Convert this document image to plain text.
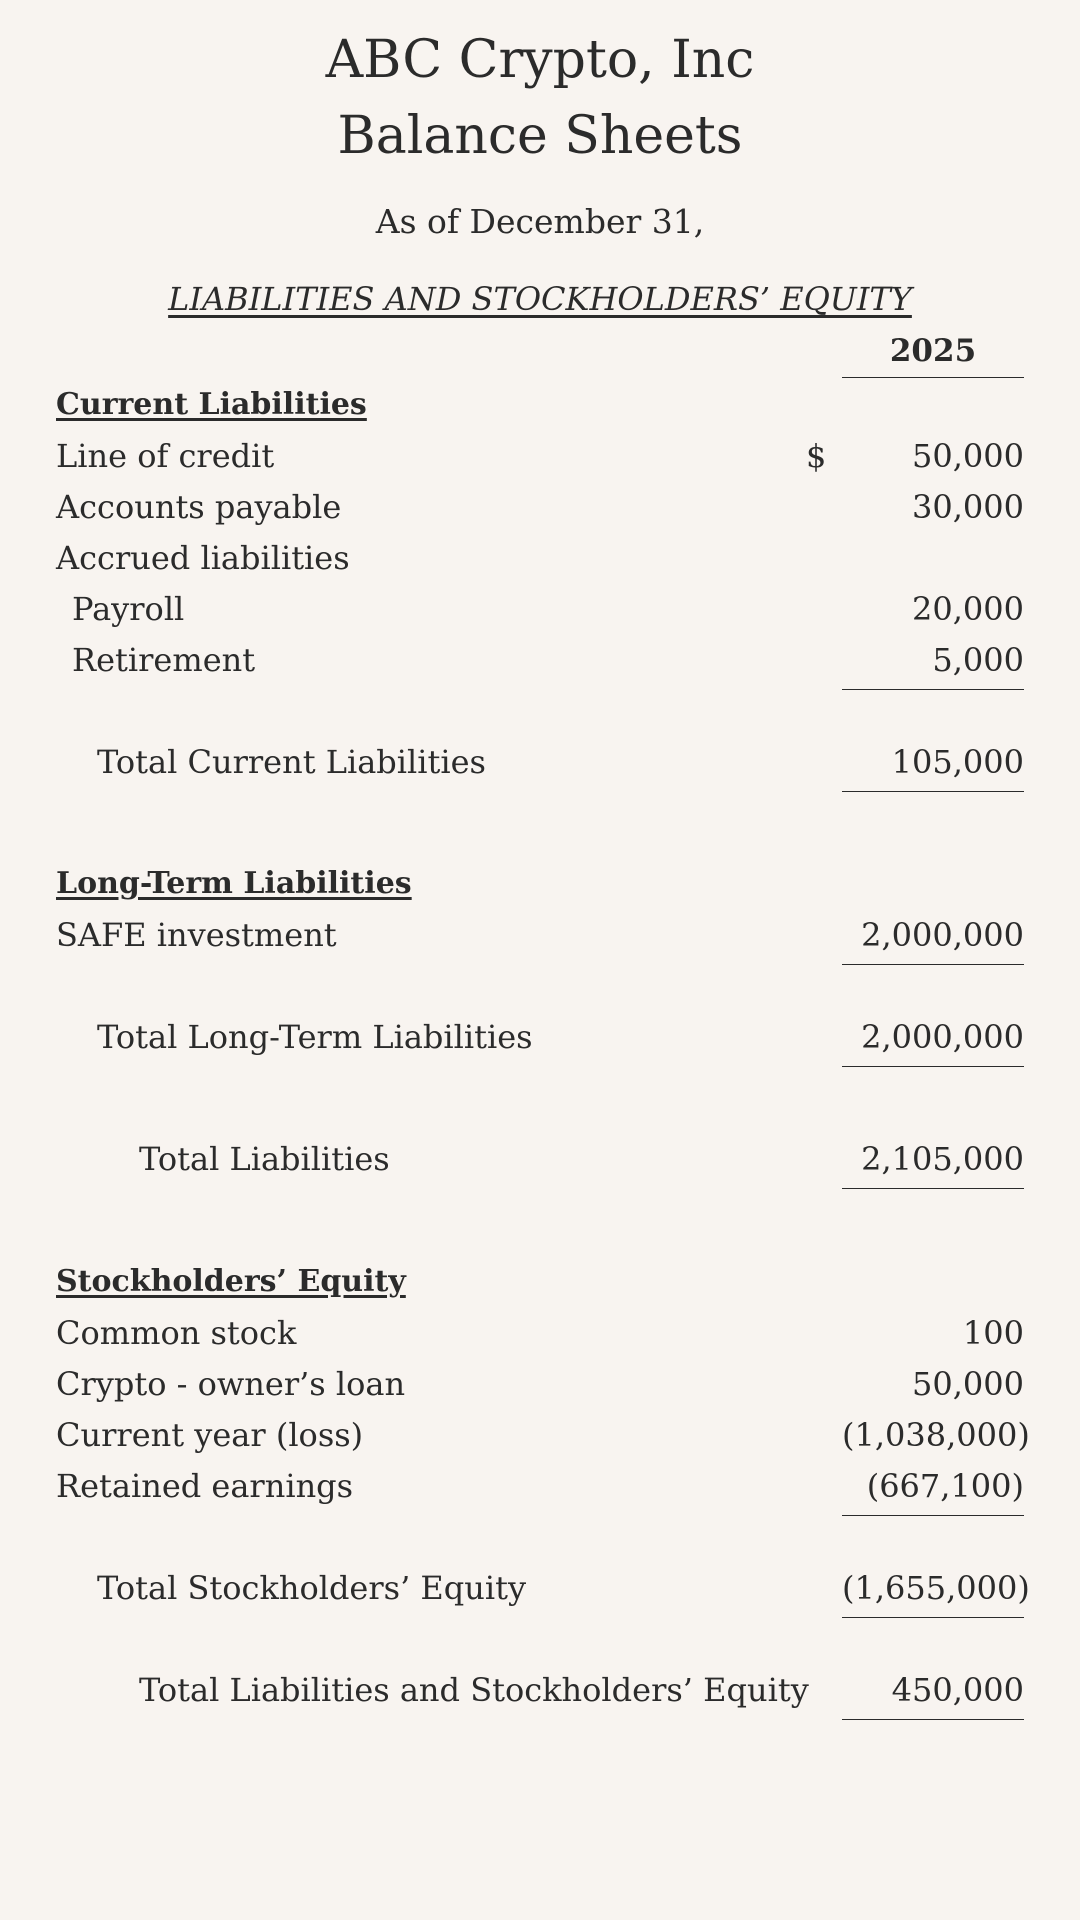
ABC Crypto, Inc
Balance Sheets
As of December 31,
LIABILITIES AND STOCKHOLDERS’ EQUITY
2025
Current Liabilities
Line of credit	$	50,000
Accounts payable	30,000
Accrued liabilities
Payroll	20,000
Retirement	5,000
Total Current Liabilities	105,000
Long-Term Liabilities
SAFE investment	2,000,000
Total Long-Term Liabilities	2,000,000
Total Liabilities	2,105,000
Stockholders’ Equity
Common stock	100
Crypto - owner’s loan	50,000
Current year (loss)	(1,038,000)
Retained earnings	(667,100)
Total Stockholders’ Equity	(1,655,000)
Total Liabilities and Stockholders’ Equity	450,000
